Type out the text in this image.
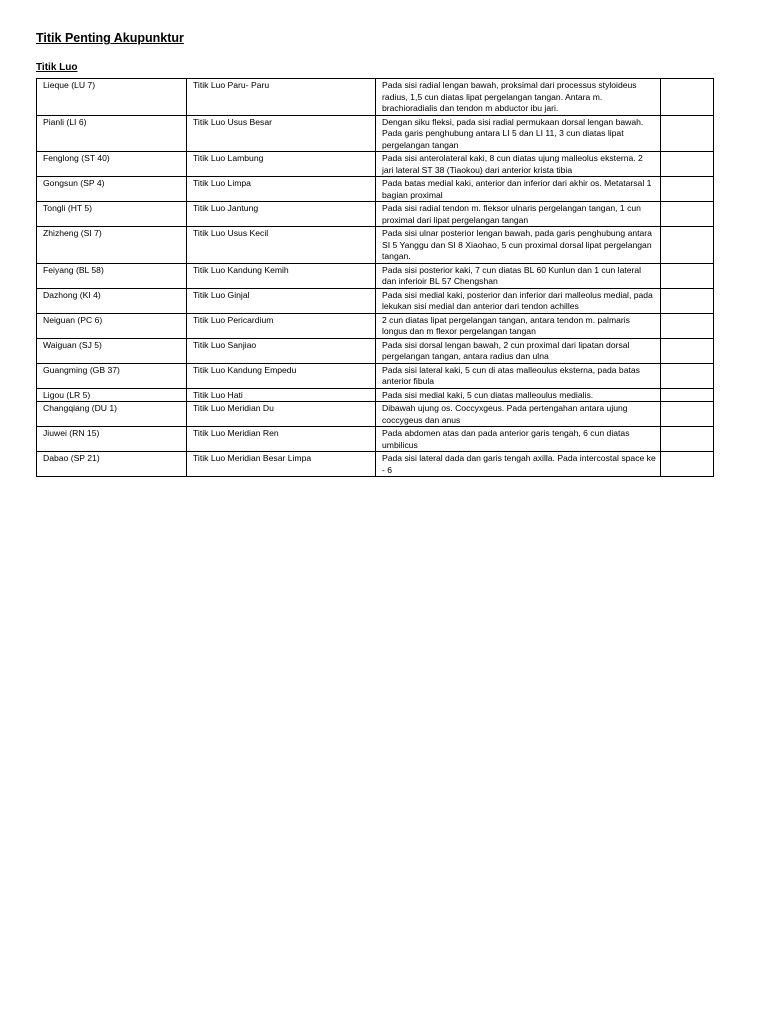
Titik Penting Akupunktur
Titik Luo
Lieque (LU 7)	Titik Luo Paru- Paru	Pada sisi radial lengan bawah, proksimal dari processus styloideus radius, 1,5 cun diatas lipat pergelangan tangan. Antara m. brachioradialis dan tendon m abductor ibu jari.	
Pianli (LI 6)	Titik Luo Usus Besar	Dengan siku fleksi, pada sisi radial permukaan dorsal lengan bawah. Pada garis penghubung antara LI 5 dan LI 11, 3 cun diatas lipat pergelangan tangan	
Fenglong (ST 40)	Titik Luo Lambung	Pada sisi anterolateral kaki, 8 cun diatas ujung malleolus eksterna. 2 jari lateral ST 38 (Tiaokou) dari anterior krista tibia	
Gongsun (SP 4)	Titik Luo Limpa	Pada batas medial kaki, anterior dan inferior dari akhir os. Metatarsal 1 bagian proximal	
Tongli (HT 5)	Titik Luo Jantung	Pada sisi radial tendon m. fleksor ulnaris pergelangan tangan, 1 cun proximal dari lipat pergelangan tangan	
Zhizheng (SI 7)	Titik Luo Usus Kecil	Pada sisi ulnar posterior lengan bawah, pada garis penghubung antara SI 5 Yanggu dan SI 8 Xiaohao, 5 cun proximal dorsal lipat pergelangan tangan.	
Feiyang (BL 58)	Titik Luo Kandung Kemih	Pada sisi posterior kaki, 7 cun diatas BL 60 Kunlun dan 1 cun lateral dan inferioir BL 57 Chengshan	
Dazhong (KI 4)	Titik Luo Ginjal	Pada sisi medial kaki, posterior dan inferior dari malleolus medial, pada lekukan sisi medial dan anterior dari tendon achilles	
Neiguan (PC 6)	Titik Luo Pericardium	2 cun diatas lipat pergelangan tangan, antara tendon m. palmaris longus dan m flexor pergelangan tangan	
Waiguan (SJ 5)	Titik Luo Sanjiao	Pada sisi dorsal lengan bawah, 2 cun proximal dari lipatan dorsal pergelangan tangan, antara radius dan ulna	
Guangming (GB 37)	Titik Luo Kandung Empedu	Pada sisi lateral kaki, 5 cun di atas malleoulus eksterna, pada batas anterior fibula	
Ligou (LR 5)	Titik Luo Hati	Pada sisi medial kaki, 5 cun diatas malleoulus medialis.	
Changqiang (DU 1)	Titik Luo Meridian Du	Dibawah ujung os. Coccyxgeus. Pada pertengahan antara ujung coccygeus dan anus	
Jiuwei (RN 15)	Titik Luo Meridian Ren	Pada abdomen atas dan pada anterior garis tengah, 6 cun diatas umbilicus	
Dabao (SP 21)	Titik Luo Meridian Besar Limpa	Pada sisi lateral dada dan garis tengah axilla. Pada intercostal space ke - 6	
